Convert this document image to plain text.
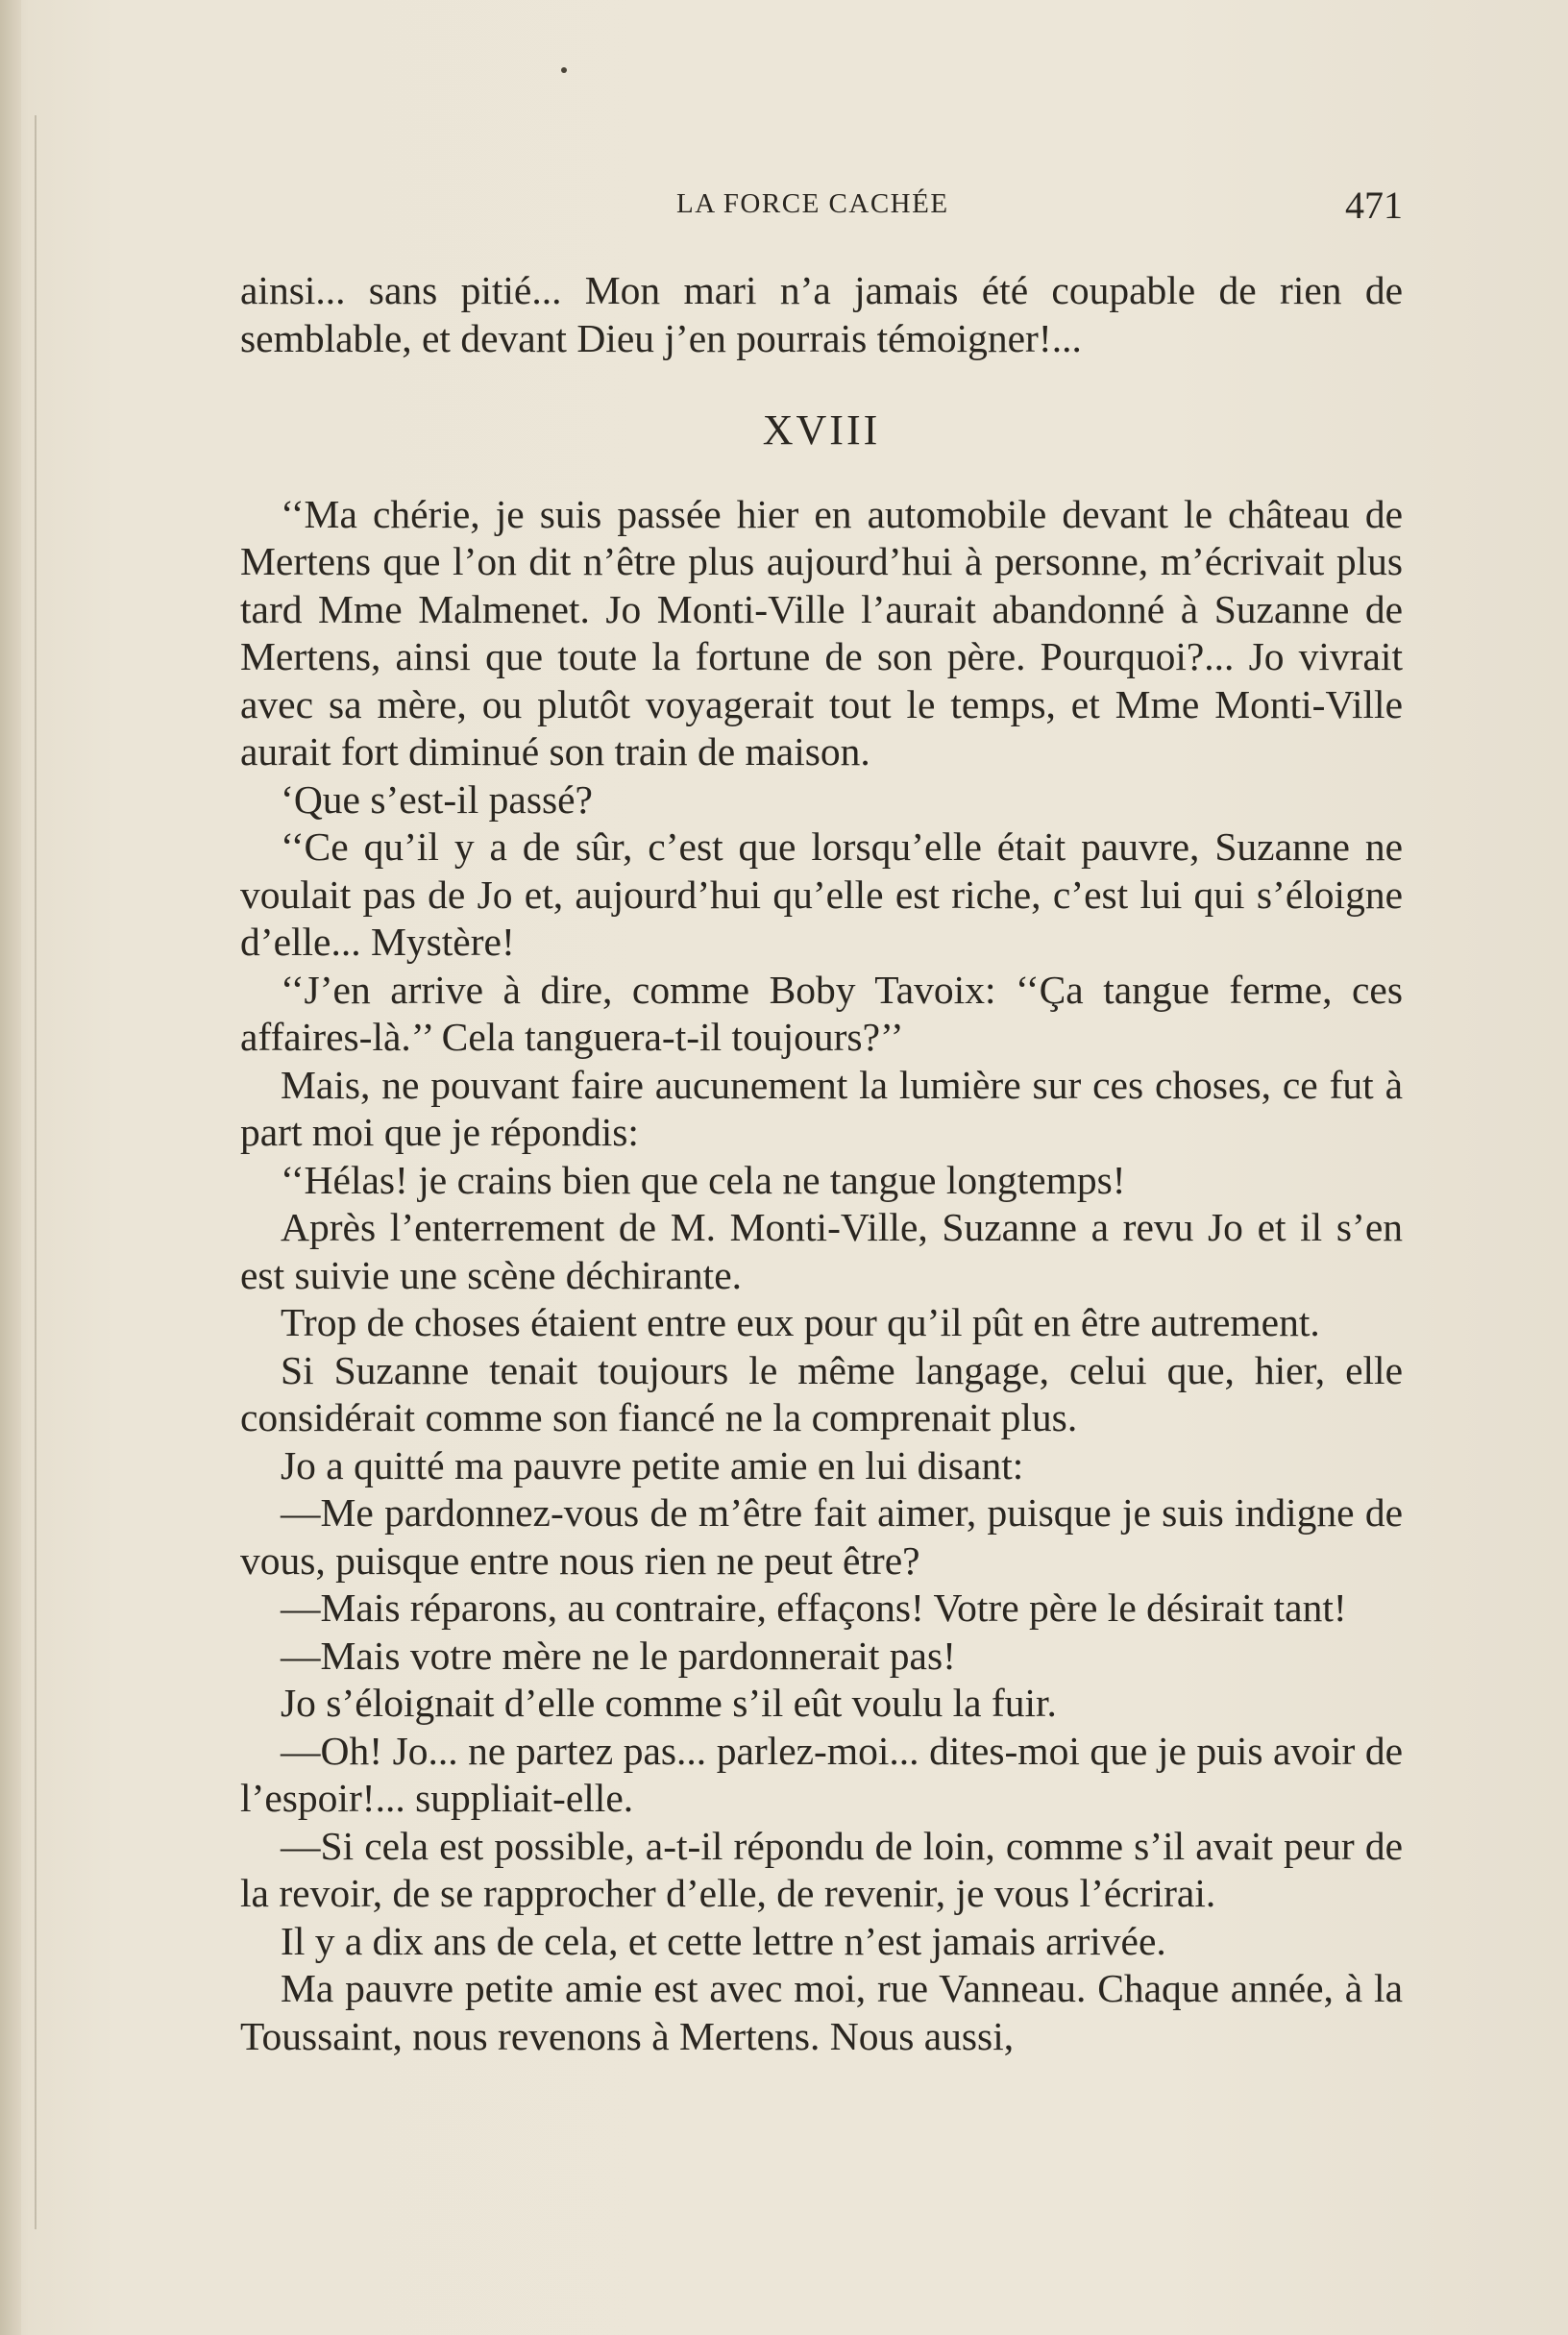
LA FORCE CACHÉE	471

ainsi... sans pitié... Mon mari n’a jamais été coupable de rien de semblable, et devant Dieu j’en pourrais témoigner!...

XVIII

‘‘Ma chérie, je suis passée hier en automobile devant le château de Mertens que l’on dit n’être plus aujourd’hui à personne, m’écrivait plus tard Mme Malmenet. Jo Monti-Ville l’aurait abandonné à Suzanne de Mertens, ainsi que toute la fortune de son père. Pourquoi?... Jo vivrait avec sa mère, ou plutôt voyagerait tout le temps, et Mme Monti-Ville aurait fort diminué son train de maison.

‘Que s’est-il passé?

‘‘Ce qu’il y a de sûr, c’est que lorsqu’elle était pauvre, Suzanne ne voulait pas de Jo et, aujourd’hui qu’elle est riche, c’est lui qui s’éloigne d’elle... Mystère!

‘‘J’en arrive à dire, comme Boby Tavoix: ‘‘Ça tangue ferme, ces affaires-là.’’ Cela tanguera-t-il toujours?’’

Mais, ne pouvant faire aucunement la lumière sur ces choses, ce fut à part moi que je répondis:

‘‘Hélas! je crains bien que cela ne tangue longtemps!

Après l’enterrement de M. Monti-Ville, Suzanne a revu Jo et il s’en est suivie une scène déchirante.

Trop de choses étaient entre eux pour qu’il pût en être autrement.

Si Suzanne tenait toujours le même langage, celui que, hier, elle considérait comme son fiancé ne la comprenait plus.

Jo a quitté ma pauvre petite amie en lui disant:

—Me pardonnez-vous de m’être fait aimer, puisque je suis indigne de vous, puisque entre nous rien ne peut être?

—Mais réparons, au contraire, effaçons! Votre père le désirait tant!

—Mais votre mère ne le pardonnerait pas!

Jo s’éloignait d’elle comme s’il eût voulu la fuir.

—Oh! Jo... ne partez pas... parlez-moi... dites-moi que je puis avoir de l’espoir!... suppliait-elle.

—Si cela est possible, a-t-il répondu de loin, comme s’il avait peur de la revoir, de se rapprocher d’elle, de revenir, je vous l’écrirai.

Il y a dix ans de cela, et cette lettre n’est jamais arrivée.

Ma pauvre petite amie est avec moi, rue Vanneau. Chaque année, à la Toussaint, nous revenons à Mertens. Nous aussi,
